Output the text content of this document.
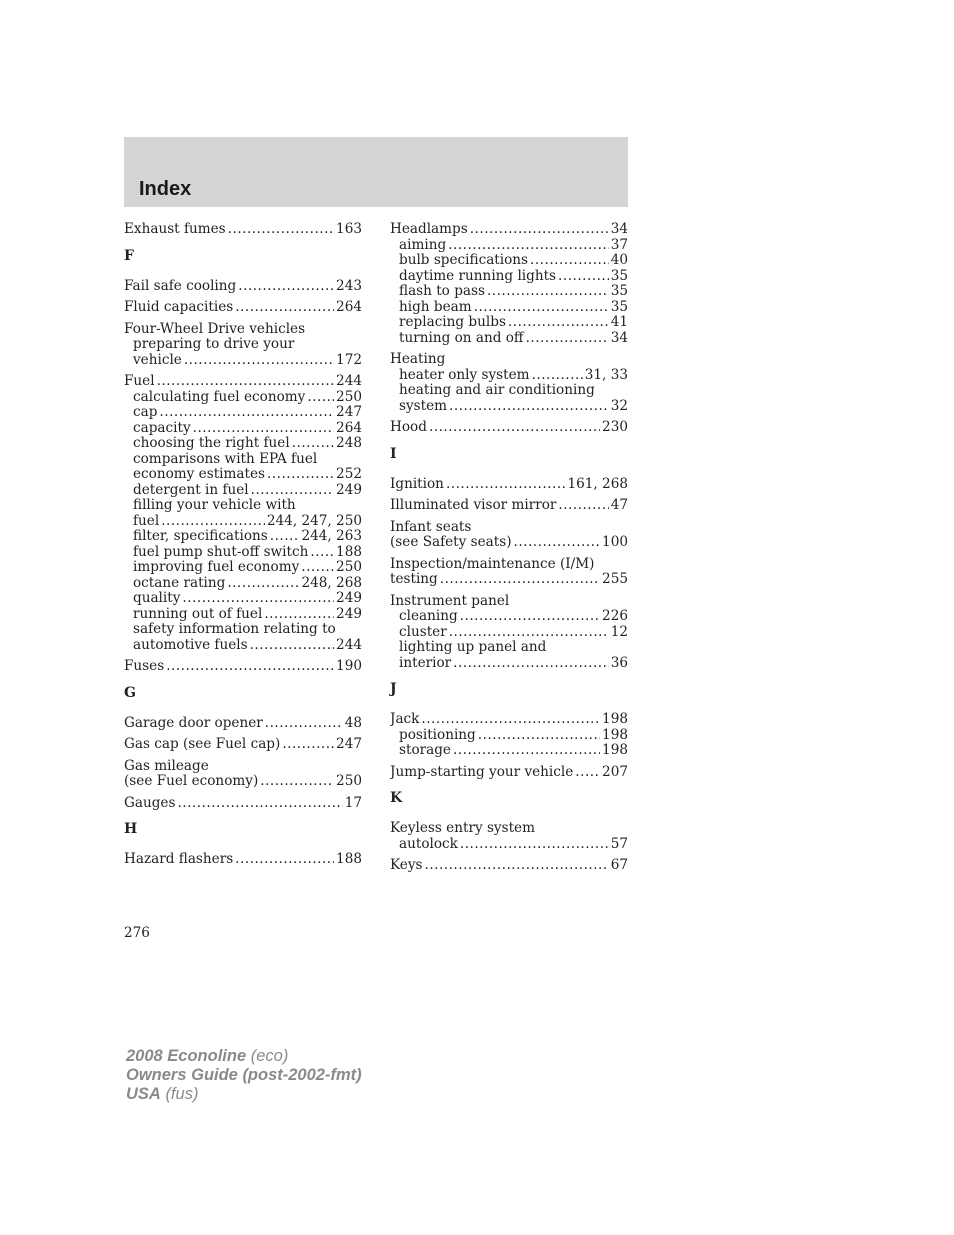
Index
Exhaust fumes .....	163
F
Fail safe cooling .....	243
Fluid capacities .....	264
Four-Wheel Drive vehicles
preparing to drive your
vehicle .....	172
Fuel .....	244
calculating fuel economy ..... 250
cap .....	247
capacity .....	264
choosing the right fuel .....	248
comparisons with EPA fuel
economy estimates .....	252
detergent in fuel .....	249
filling your vehicle with
fuel .....	244, 247, 250
filter, specifications ..... 244, 263
fuel pump shut-off switch ..... 188
improving fuel economy .....	250
octane rating .....	248, 268
quality .....	249
running out of fuel .....	249
safety information relating to
automotive fuels .....	244
Fuses .....	190
G
Garage door opener .....	48
Gas cap (see Fuel cap) .....	247
Gas mileage
(see Fuel economy) .....	250
Gauges .....	17
H
Hazard flashers .....	188
Headlamps .....	34
aiming .....	37
bulb specifications .....	40
daytime running lights .....	35
flash to pass .....	35
high beam .....	35
replacing bulbs .....	41
turning on and off .....	34
Heating
heater only system .....	31, 33
heating and air conditioning
system .....	32
Hood .....	230
I
Ignition .....	161, 268
Illuminated visor mirror .....	47
Infant seats
(see Safety seats) .....	100
Inspection/maintenance (I/M)
testing .....	255
Instrument panel
cleaning .....	226
cluster .....	12
lighting up panel and
interior .....	36
J
Jack .....	198
positioning .....	198
storage .....	198
Jump-starting your vehicle ..... 207
K
Keyless entry system
autolock .....	57
Keys .....	67
276
2008 Econoline (eco)
Owners Guide (post-2002-fmt)
USA (fus)
